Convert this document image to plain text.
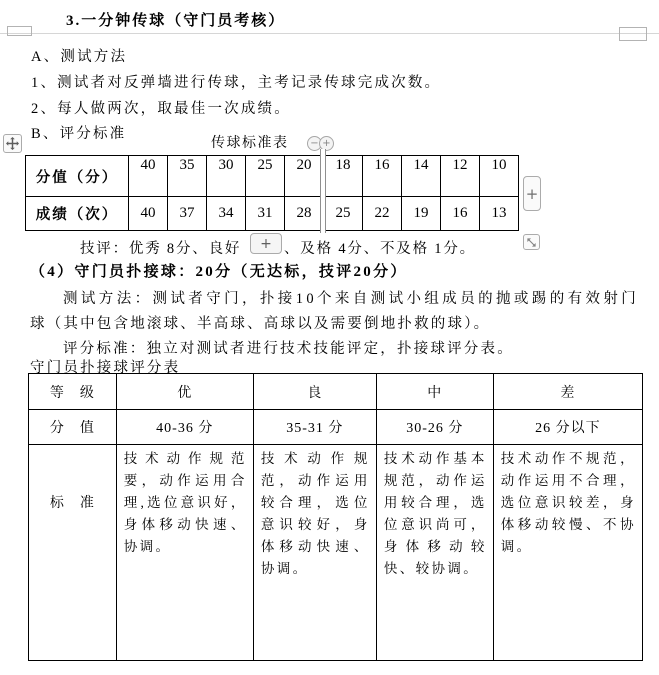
3.一分钟传球（守门员考核）
A、测试方法
1、测试者对反弹墙进行传球，主考记录传球完成次数。
2、每人做两次，取最佳一次成绩。
B、评分标准
传球标准表
分值（分）	40	35	30	25	20	18	16	14	12	10
成绩（次）	40	37	34	31	28	25	22	19	16	13
− +
+
技评：优秀 8分、良好 + 、及格 4分、不及格 1分。
（4）守门员扑接球：20分（无达标，技评20分）
测试方法：测试者守门，扑接10个来自测试小组成员的抛或踢的有效射门
球（其中包含地滚球、半高球、高球以及需要倒地扑救的球）。
评分标准：独立对测试者进行技术技能评定，扑接球评分表。
守门员扑接球评分表
等　级	优	良	中	差
分　值	40-36 分	35-31 分	30-26 分	26 分以下
标　准	技术动作规范要，动作运用合理,选位意识好，身体移动快速、协调。	技术动作规范，动作运用较合理，选位意识较好，身体移动快速、协调。	技术动作基本规范，动作运用较合理，选位意识尚可，身体移动较快、较协调。	技术动作不规范，动作运用不合理，选位意识较差，身体移动较慢、不协调。
